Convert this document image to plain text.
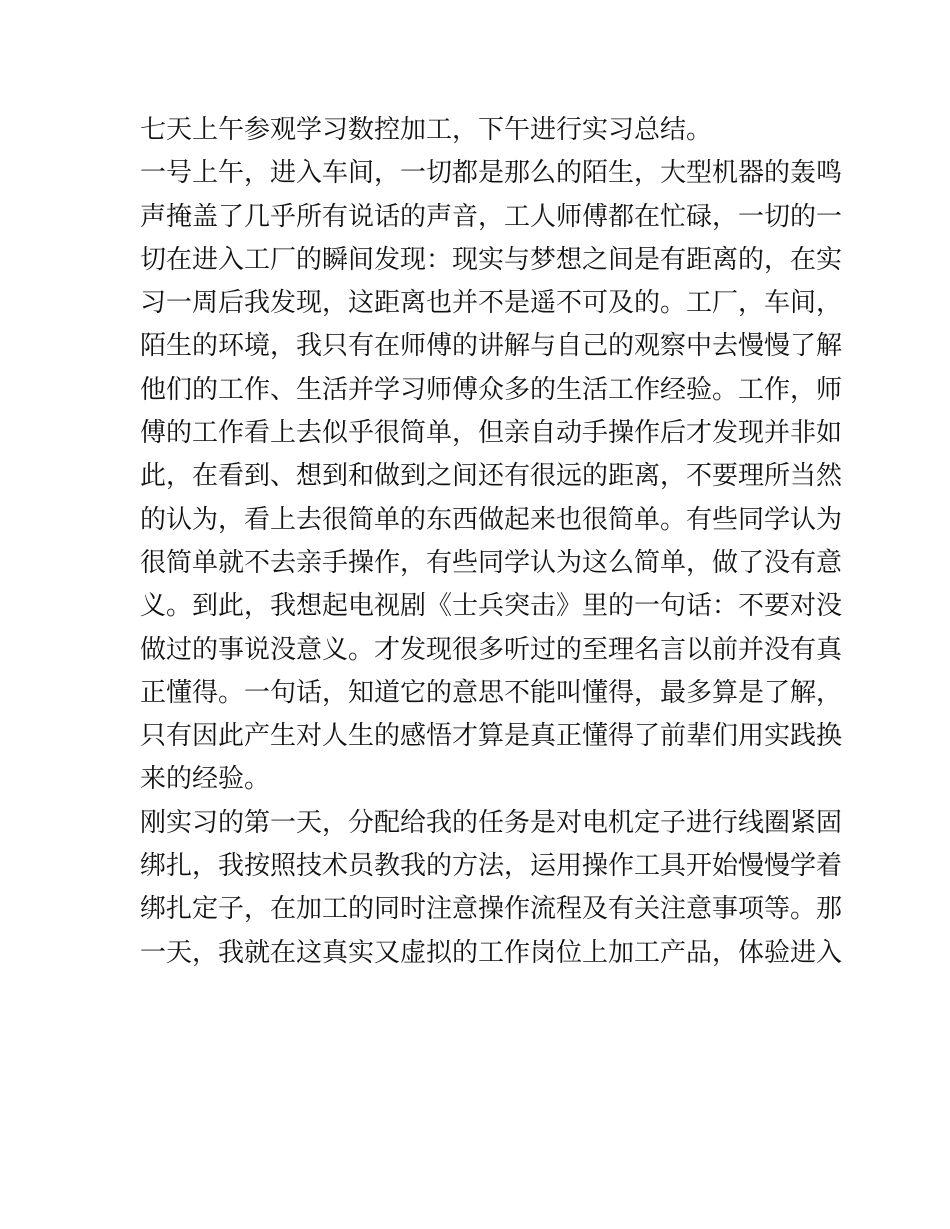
七天上午参观学习数控加工，下午进行实习总结。
一号上午，进入车间，一切都是那么的陌生，大型机器的轰鸣
声掩盖了几乎所有说话的声音，工人师傅都在忙碌，一切的一
切在进入工厂的瞬间发现：现实与梦想之间是有距离的，在实
习一周后我发现，这距离也并不是遥不可及的。工厂，车间，
陌生的环境，我只有在师傅的讲解与自己的观察中去慢慢了解
他们的工作、生活并学习师傅众多的生活工作经验。工作，师
傅的工作看上去似乎很简单，但亲自动手操作后才发现并非如
此，在看到、想到和做到之间还有很远的距离，不要理所当然
的认为，看上去很简单的东西做起来也很简单。有些同学认为
很简单就不去亲手操作，有些同学认为这么简单，做了没有意
义。到此，我想起电视剧《士兵突击》里的一句话：不要对没
做过的事说没意义。才发现很多听过的至理名言以前并没有真
正懂得。一句话，知道它的意思不能叫懂得，最多算是了解，
只有因此产生对人生的感悟才算是真正懂得了前辈们用实践换
来的经验。
刚实习的第一天，分配给我的任务是对电机定子进行线圈紧固
绑扎，我按照技术员教我的方法，运用操作工具开始慢慢学着
绑扎定子，在加工的同时注意操作流程及有关注意事项等。那
一天，我就在这真实又虚拟的工作岗位上加工产品，体验进入
